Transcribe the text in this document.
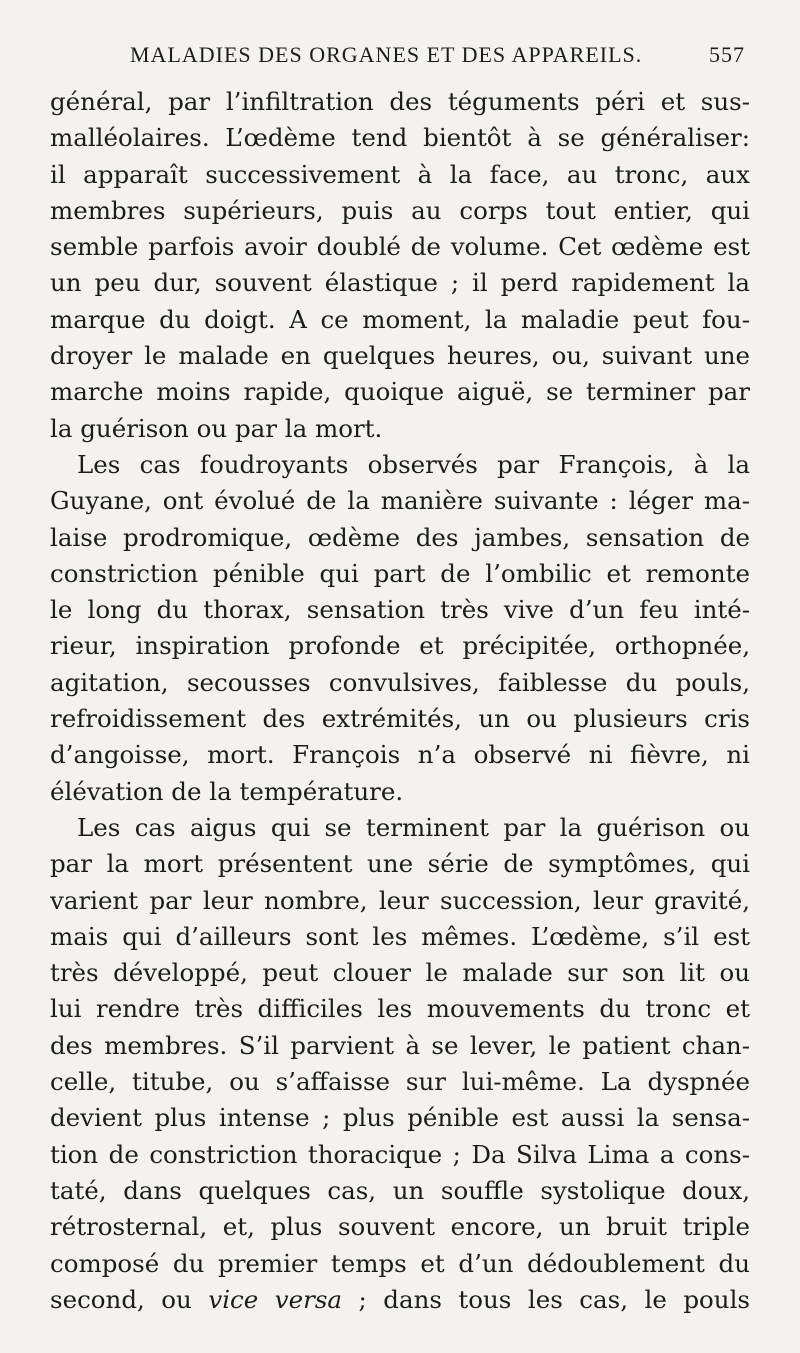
MALADIES DES ORGANES ET DES APPAREILS.	557
général, par l’infiltration des téguments péri et sus-
malléolaires. L’œdème tend bientôt à se généraliser:
il apparaît successivement à la face, au tronc, aux
membres supérieurs, puis au corps tout entier, qui
semble parfois avoir doublé de volume. Cet œdème est
un peu dur, souvent élastique ; il perd rapidement la
marque du doigt. A ce moment, la maladie peut fou-
droyer le malade en quelques heures, ou, suivant une
marche moins rapide, quoique aiguë, se terminer par
la guérison ou par la mort.
Les cas foudroyants observés par François, à la
Guyane, ont évolué de la manière suivante : léger ma-
laise prodromique, œdème des jambes, sensation de
constriction pénible qui part de l’ombilic et remonte
le long du thorax, sensation très vive d’un feu inté-
rieur, inspiration profonde et précipitée, orthopnée,
agitation, secousses convulsives, faiblesse du pouls,
refroidissement des extrémités, un ou plusieurs cris
d’angoisse, mort. François n’a observé ni fièvre, ni
élévation de la température.
Les cas aigus qui se terminent par la guérison ou
par la mort présentent une série de symptômes, qui
varient par leur nombre, leur succession, leur gravité,
mais qui d’ailleurs sont les mêmes. L’œdème, s’il est
très développé, peut clouer le malade sur son lit ou
lui rendre très difficiles les mouvements du tronc et
des membres. S’il parvient à se lever, le patient chan-
celle, titube, ou s’affaisse sur lui-même. La dyspnée
devient plus intense ; plus pénible est aussi la sensa-
tion de constriction thoracique ; Da Silva Lima a cons-
taté, dans quelques cas, un souffle systolique doux,
rétrosternal, et, plus souvent encore, un bruit triple
composé du premier temps et d’un dédoublement du
second, ou vice versa ; dans tous les cas, le pouls
